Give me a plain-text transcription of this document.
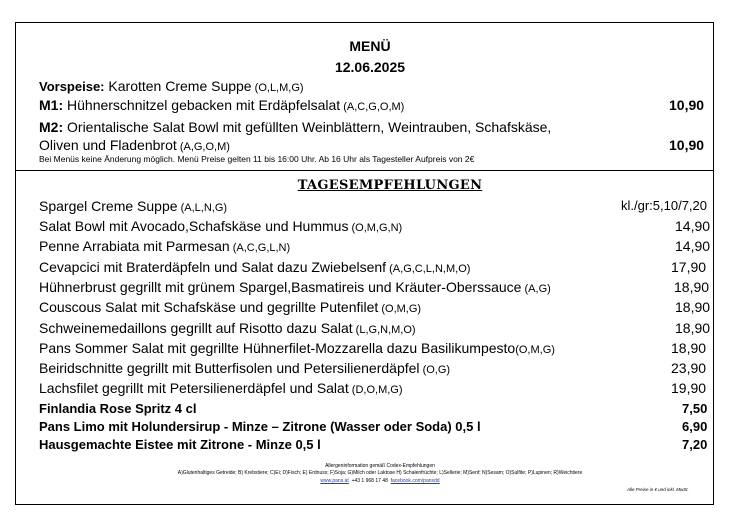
MENÜ
12.06.2025
Vorspeise: Karotten Creme Suppe (O,L,M,G)
M1: Hühnerschnitzel gebacken mit Erdäpfelsalat (A,C,G,O,M)	10,90
M2: Orientalische Salat Bowl mit gefüllten Weinblättern, Weintrauben, Schafskäse,
Oliven und Fladenbrot (A,G,O,M)	10,90
Bei Menüs keine Änderung möglich. Menü Preise gelten 11 bis 16:00 Uhr. Ab 16 Uhr als Tagesteller Aufpreis von 2€
TAGESEMPFEHLUNGEN
Spargel Creme Suppe (A,L,N,G)	kl./gr:5,10/7,20
Salat Bowl mit Avocado,Schafskäse und Hummus (O,M,G,N)	14,90
Penne Arrabiata mit Parmesan (A,C,G,L,N)	14,90
Cevapcici mit Braterdäpfeln und Salat dazu Zwiebelsenf (A,G,C,L,N,M,O)	17,90
Hühnerbrust gegrillt mit grünem Spargel,Basmatireis und Kräuter-Oberssauce (A,G)	18,90
Couscous Salat mit Schafskäse und gegrillte Putenfilet (O,M,G)	18,90
Schweinemedaillons gegrillt auf Risotto dazu Salat (L,G,N,M,O)	18,90
Pans Sommer Salat mit gegrillte Hühnerfilet-Mozzarella dazu Basilikumpesto(O,M,G)	18,90
Beiridschnitte gegrillt mit Butterfisolen und Petersilienerdäpfel (O,G)	23,90
Lachsfilet gegrillt mit Petersilienerdäpfel und Salat (D,O,M,G)	19,90
Finlandia Rose Spritz 4 cl	7,50
Pans Limo mit Holundersirup - Minze – Zitrone (Wasser oder Soda) 0,5 l	6,90
Hausgemachte Eistee mit Zitrone - Minze 0,5 l	7,20
Allergeninformation gemäß Codex-Empfehlungen
A)Glutenhaltiges Getreide; B) Krebstiere; C)Ei; D)Fisch; E) Erdnuss; F)Soja; G)Milch oder Laktose H) Schalenfrüchte; L)Sellerie; M)Senf; N)Sesam; O)Sulfite; P)Lupinen; R)Weichtiere
www.pans.at +43 1 968 17 48 facebook.com/pansdd
Alle Preise in € und inkl. MwSt.
